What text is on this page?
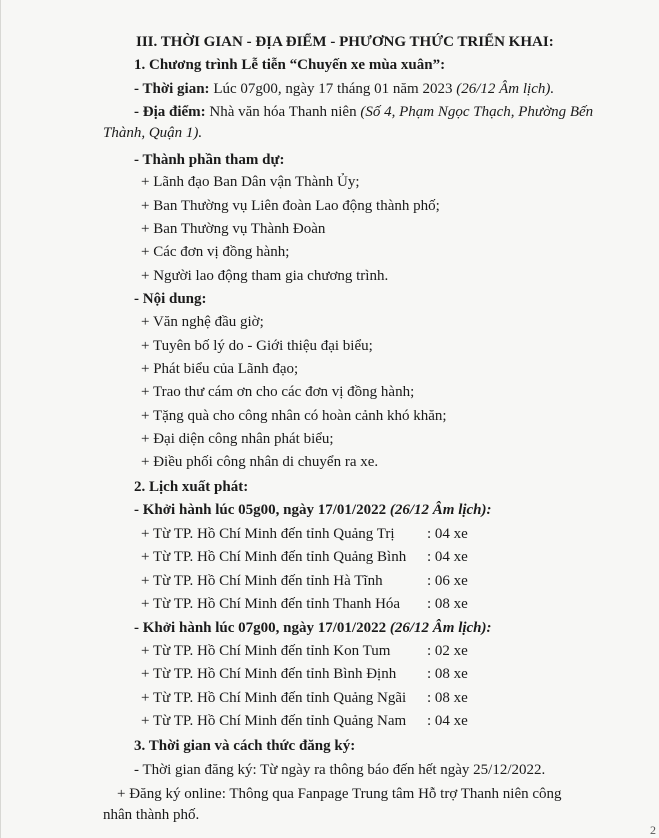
III. THỜI GIAN - ĐỊA ĐIỂM - PHƯƠNG THỨC TRIỂN KHAI:
1. Chương trình Lễ tiễn “Chuyến xe mùa xuân”:
- Thời gian: Lúc 07g00, ngày 17 tháng 01 năm 2023 (26/12 Âm lịch).
- Địa điểm: Nhà văn hóa Thanh niên (Số 4, Phạm Ngọc Thạch, Phường Bến
Thành, Quận 1).
- Thành phần tham dự:
+ Lãnh đạo Ban Dân vận Thành Ủy;
+ Ban Thường vụ Liên đoàn Lao động thành phố;
+ Ban Thường vụ Thành Đoàn
+ Các đơn vị đồng hành;
+ Người lao động tham gia chương trình.
- Nội dung:
+ Văn nghệ đầu giờ;
+ Tuyên bố lý do - Giới thiệu đại biểu;
+ Phát biểu của Lãnh đạo;
+ Trao thư cám ơn cho các đơn vị đồng hành;
+ Tặng quà cho công nhân có hoàn cảnh khó khăn;
+ Đại diện công nhân phát biểu;
+ Điều phối công nhân di chuyển ra xe.
2. Lịch xuất phát:
- Khởi hành lúc 05g00, ngày 17/01/2022 (26/12 Âm lịch):
+ Từ TP. Hồ Chí Minh đến tỉnh Quảng Trị : 04 xe
+ Từ TP. Hồ Chí Minh đến tỉnh Quảng Bình : 04 xe
+ Từ TP. Hồ Chí Minh đến tỉnh Hà Tĩnh	: 06 xe
+ Từ TP. Hồ Chí Minh đến tỉnh Thanh Hóa : 08 xe
- Khởi hành lúc 07g00, ngày 17/01/2022 (26/12 Âm lịch):
+ Từ TP. Hồ Chí Minh đến tỉnh Kon Tum : 02 xe
+ Từ TP. Hồ Chí Minh đến tỉnh Bình Định : 08 xe
+ Từ TP. Hồ Chí Minh đến tỉnh Quảng Ngãi : 08 xe
+ Từ TP. Hồ Chí Minh đến tỉnh Quảng Nam : 04 xe
3. Thời gian và cách thức đăng ký:
- Thời gian đăng ký: Từ ngày ra thông báo đến hết ngày 25/12/2022.
+ Đăng ký online: Thông qua Fanpage Trung tâm Hỗ trợ Thanh niên công
nhân thành phố.
2
